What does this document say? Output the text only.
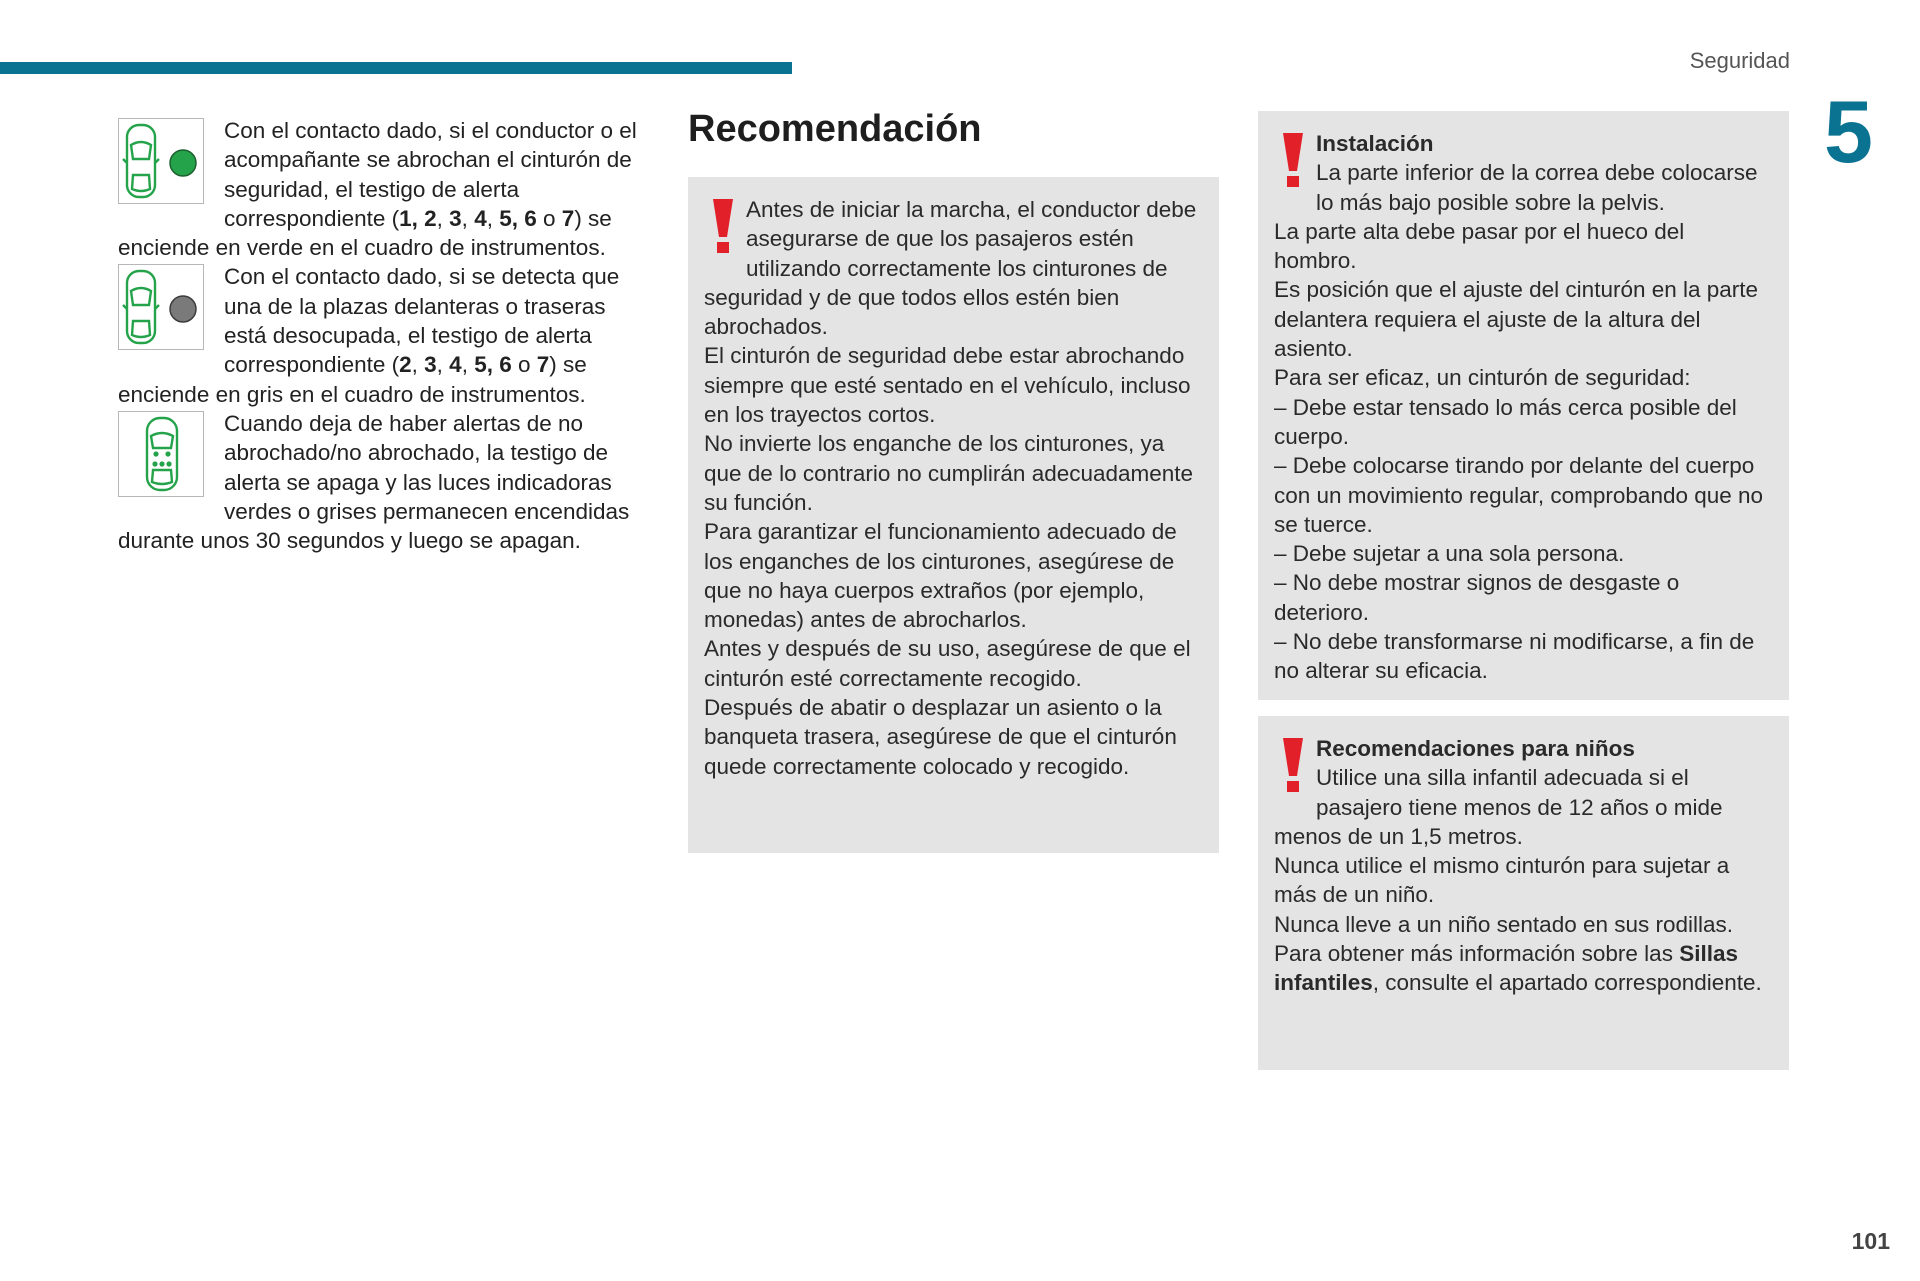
Seguridad
5

Con el contacto dado, si el conductor o el acompañante se abrochan el cinturón de seguridad, el testigo de alerta correspondiente (1, 2, 3, 4, 5, 6 o 7) se enciende en verde en el cuadro de instrumentos.

Con el contacto dado, si se detecta que una de la plazas delanteras o traseras está desocupada, el testigo de alerta correspondiente (2, 3, 4, 5, 6 o 7) se enciende en gris en el cuadro de instrumentos.

Cuando deja de haber alertas de no abrochado/no abrochado, la testigo de alerta se apaga y las luces indicadoras verdes o grises permanecen encendidas durante unos 30 segundos y luego se apagan.

Recomendación

Antes de iniciar la marcha, el conductor debe asegurarse de que los pasajeros estén utilizando correctamente los cinturones de seguridad y de que todos ellos estén bien abrochados.

El cinturón de seguridad debe estar abrochando siempre que esté sentado en el vehículo, incluso en los trayectos cortos.

No invierte los enganche de los cinturones, ya que de lo contrario no cumplirán adecuadamente su función.

Para garantizar el funcionamiento adecuado de los enganches de los cinturones, asegúrese de que no haya cuerpos extraños (por ejemplo, monedas) antes de abrocharlos.

Antes y después de su uso, asegúrese de que el cinturón esté correctamente recogido.

Después de abatir o desplazar un asiento o la banqueta trasera, asegúrese de que el cinturón quede correctamente colocado y recogido.

Instalación

La parte inferior de la correa debe colocarse lo más bajo posible sobre la pelvis.

La parte alta debe pasar por el hueco del hombro.

Es posición que el ajuste del cinturón en la parte delantera requiera el ajuste de la altura del asiento.

Para ser eficaz, un cinturón de seguridad:

– Debe estar tensado lo más cerca posible del cuerpo.

– Debe colocarse tirando por delante del cuerpo con un movimiento regular, comprobando que no se tuerce.

– Debe sujetar a una sola persona.

– No debe mostrar signos de desgaste o deterioro.

– No debe transformarse ni modificarse, a fin de no alterar su eficacia.

Recomendaciones para niños

Utilice una silla infantil adecuada si el pasajero tiene menos de 12 años o mide menos de un 1,5 metros.

Nunca utilice el mismo cinturón para sujetar a más de un niño.

Nunca lleve a un niño sentado en sus rodillas.

Para obtener más información sobre las Sillas infantiles, consulte el apartado correspondiente.

101
